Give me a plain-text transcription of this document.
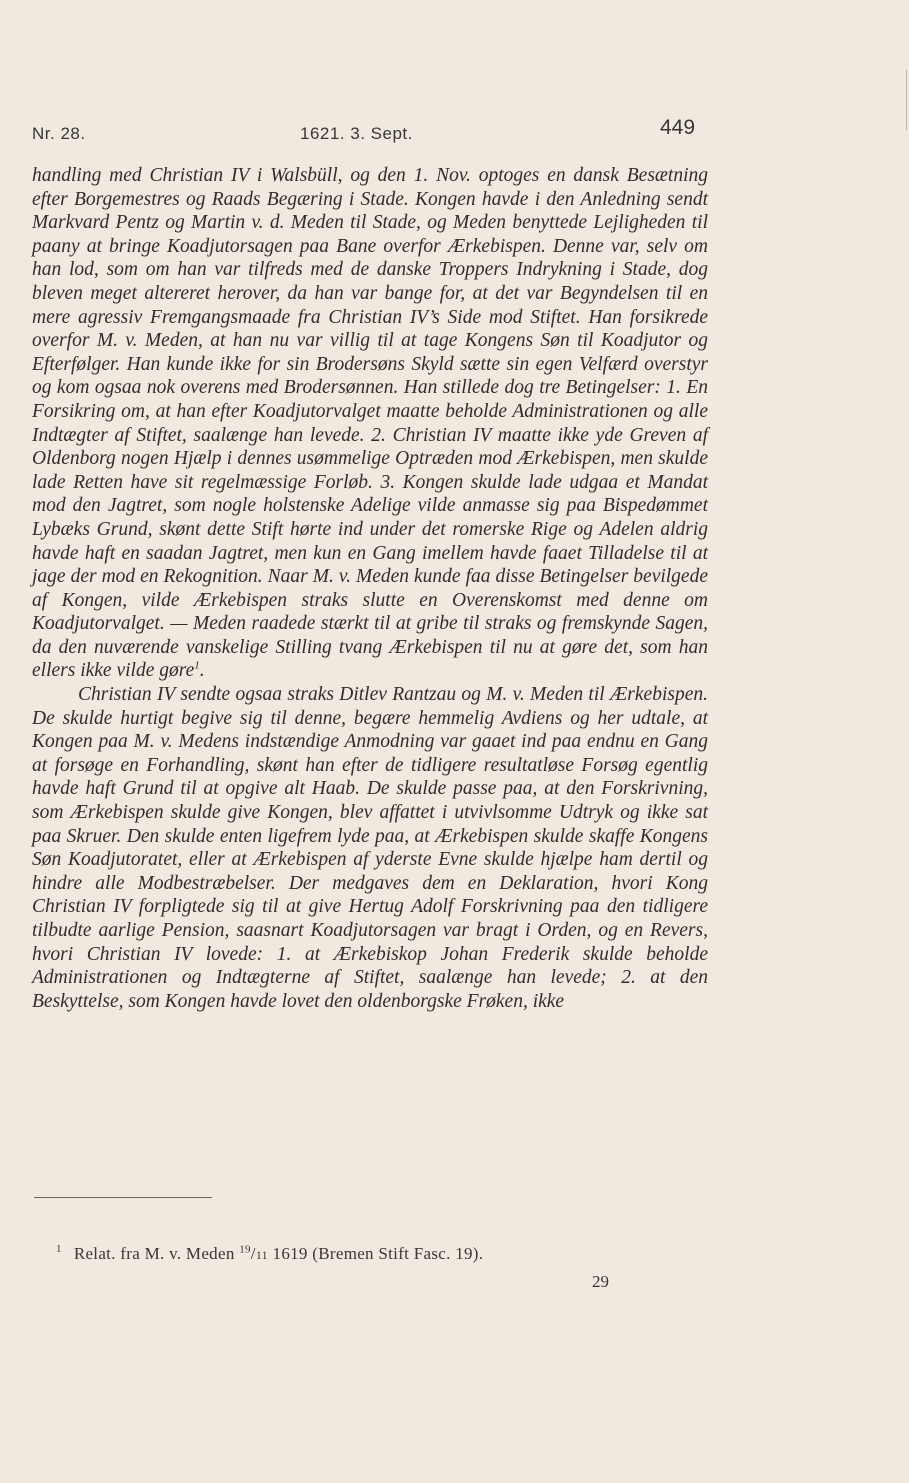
Nr. 28.	1621. 3. Sept.	449

handling med Christian IV i Walsbüll, og den 1. Nov. optoges en dansk Besætning efter Borgemestres og Raads Begæring i Stade. Kongen havde i den Anledning sendt Markvard Pentz og Martin v. d. Meden til Stade, og Meden benyttede Lejligheden til paany at bringe Koadjutorsagen paa Bane overfor Ærkebispen. Denne var, selv om han lod, som om han var tilfreds med de danske Troppers Indrykning i Stade, dog bleven meget altereret herover, da han var bange for, at det var Begyndelsen til en mere agressiv Fremgangsmaade fra Christian IV’s Side mod Stiftet. Han forsikrede overfor M. v. Meden, at han nu var villig til at tage Kongens Søn til Koadjutor og Efterfølger. Han kunde ikke for sin Brodersøns Skyld sætte sin egen Velfærd overstyr og kom ogsaa nok overens med Brodersønnen. Han stillede dog tre Betingelser: 1. En Forsikring om, at han efter Koadjutorvalget maatte beholde Administrationen og alle Indtægter af Stiftet, saalænge han levede. 2. Christian IV maatte ikke yde Greven af Oldenborg nogen Hjælp i dennes usømmelige Optræden mod Ærkebispen, men skulde lade Retten have sit regelmæssige Forløb. 3. Kongen skulde lade udgaa et Mandat mod den Jagtret, som nogle holstenske Adelige vilde anmasse sig paa Bispedømmet Lybæks Grund, skønt dette Stift hørte ind under det romerske Rige og Adelen aldrig havde haft en saadan Jagtret, men kun en Gang imellem havde faaet Tilladelse til at jage der mod en Rekognition. Naar M. v. Meden kunde faa disse Betingelser bevilgede af Kongen, vilde Ærkebispen straks slutte en Overenskomst med denne om Koadjutorvalget. — Meden raadede stærkt til at gribe til straks og fremskynde Sagen, da den nuværende vanskelige Stilling tvang Ærkebispen til nu at gøre det, som han ellers ikke vilde gøre$^1$.

Christian IV sendte ogsaa straks Ditlev Rantzau og M. v. Meden til Ærkebispen. De skulde hurtigt begive sig til denne, begære hemmelig Avdiens og her udtale, at Kongen paa M. v. Medens indstændige Anmodning var gaaet ind paa endnu en Gang at forsøge en Forhandling, skønt han efter de tidligere resultatløse Forsøg egentlig havde haft Grund til at opgive alt Haab. De skulde passe paa, at den Forskrivning, som Ærkebispen skulde give Kongen, blev affattet i utvivlsomme Udtryk og ikke sat paa Skruer. Den skulde enten ligefrem lyde paa, at Ærkebispen skulde skaffe Kongens Søn Koadjutoratet, eller at Ærkebispen af yderste Evne skulde hjælpe ham dertil og hindre alle Modbestræbelser. Der medgaves dem en Deklaration, hvori Kong Christian IV forpligtede sig til at give Hertug Adolf Forskrivning paa den tidligere tilbudte aarlige Pension, saasnart Koadjutorsagen var bragt i Orden, og en Revers, hvori Christian IV lovede: 1. at Ærkebiskop Johan Frederik skulde beholde Administrationen og Indtægterne af Stiftet, saalænge han levede; 2. at den Beskyttelse, som Kongen havde lovet den oldenborgske Frøken, ikke

$^1$ Relat. fra M. v. Meden $^{19}$/11 1619 (Bremen Stift Fasc. 19).
29
